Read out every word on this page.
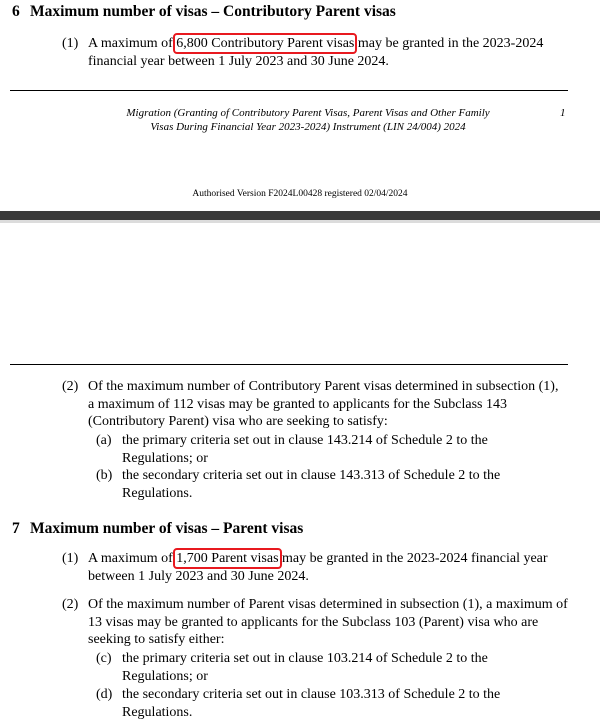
6 Maximum number of visas – Contributory Parent visas
(1) A maximum of 6,800 Contributory Parent visas may be granted in the 2023-2024 financial year between 1 July 2023 and 30 June 2024.
Migration (Granting of Contributory Parent Visas, Parent Visas and Other Family
Visas During Financial Year 2023-2024) Instrument (LIN 24/004) 2024
1
Authorised Version F2024L00428 registered 02/04/2024
(2) Of the maximum number of Contributory Parent visas determined in subsection (1), a maximum of 112 visas may be granted to applicants for the Subclass 143 (Contributory Parent) visa who are seeking to satisfy:
(a) the primary criteria set out in clause 143.214 of Schedule 2 to the Regulations; or
(b) the secondary criteria set out in clause 143.313 of Schedule 2 to the Regulations.
7 Maximum number of visas – Parent visas
(1) A maximum of 1,700 Parent visas may be granted in the 2023-2024 financial year between 1 July 2023 and 30 June 2024.
(2) Of the maximum number of Parent visas determined in subsection (1), a maximum of 13 visas may be granted to applicants for the Subclass 103 (Parent) visa who are seeking to satisfy either:
(c) the primary criteria set out in clause 103.214 of Schedule 2 to the Regulations; or
(d) the secondary criteria set out in clause 103.313 of Schedule 2 to the Regulations.
